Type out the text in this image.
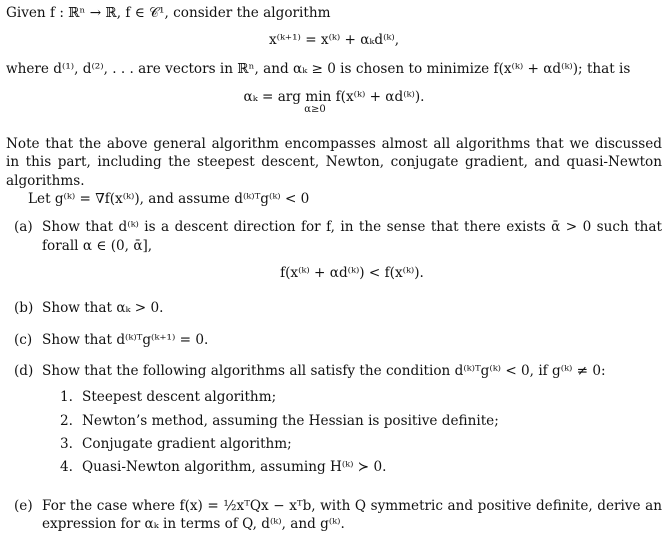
Given f : ℝⁿ → ℝ, f ∈ 𝒞¹, consider the algorithm

x⁽ᵏ⁺¹⁾ = x⁽ᵏ⁾ + αₖd⁽ᵏ⁾,

where d⁽¹⁾, d⁽²⁾, . . . are vectors in ℝⁿ, and αₖ ≥ 0 is chosen to minimize f(x⁽ᵏ⁾ + αd⁽ᵏ⁾); that is

αₖ = arg min f(x⁽ᵏ⁾ + αd⁽ᵏ⁾).
α≥0

Note that the above general algorithm encompasses almost all algorithms that we discussed in this part, including the steepest descent, Newton, conjugate gradient, and quasi-Newton algorithms.

Let g⁽ᵏ⁾ = ∇f(x⁽ᵏ⁾), and assume d⁽ᵏ⁾ᵀg⁽ᵏ⁾ < 0

(a) Show that d⁽ᵏ⁾ is a descent direction for f, in the sense that there exists ᾱ > 0 such that forall α ∈ (0, ᾱ],

f(x⁽ᵏ⁾ + αd⁽ᵏ⁾) < f(x⁽ᵏ⁾).

(b) Show that αₖ > 0.

(c) Show that d⁽ᵏ⁾ᵀg⁽ᵏ⁺¹⁾ = 0.

(d) Show that the following algorithms all satisfy the condition d⁽ᵏ⁾ᵀg⁽ᵏ⁾ < 0, if g⁽ᵏ⁾ ≠ 0:

1. Steepest descent algorithm;
2. Newton’s method, assuming the Hessian is positive definite;
3. Conjugate gradient algorithm;
4. Quasi-Newton algorithm, assuming H⁽ᵏ⁾ ≻ 0.
(e) For the case where f(x) = ½xᵀQx − xᵀb, with Q symmetric and positive definite, derive an expression for αₖ in terms of Q, d⁽ᵏ⁾, and g⁽ᵏ⁾.
